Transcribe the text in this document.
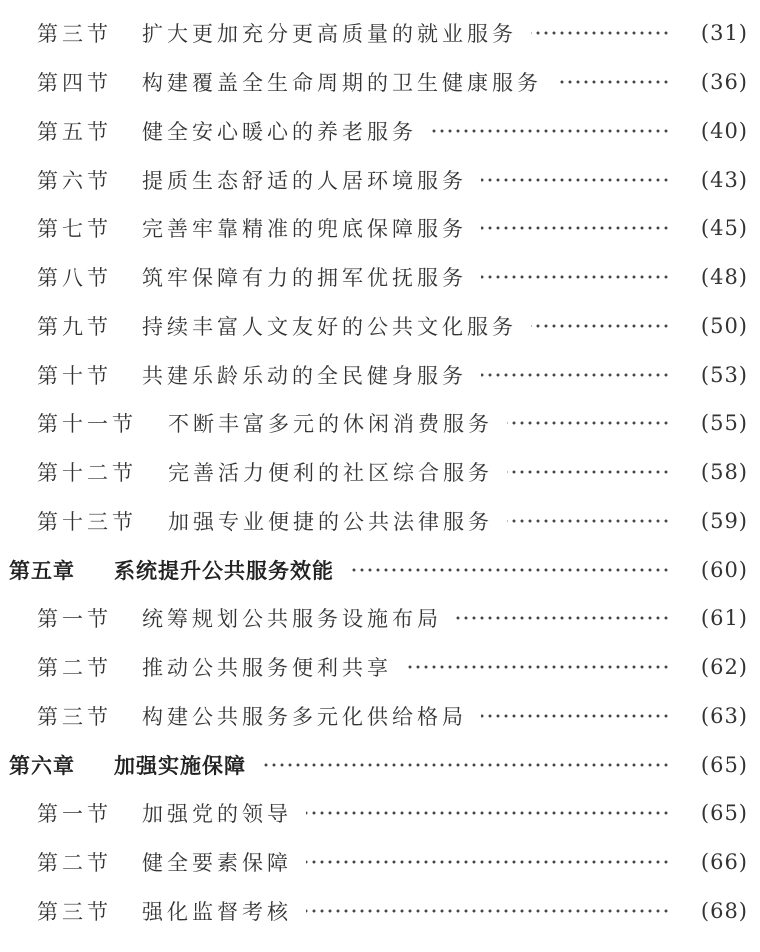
第三节	扩大更加充分更高质量的就业服务	(31)
第四节	构建覆盖全生命周期的卫生健康服务	(36)
第五节	健全安心暖心的养老服务	(40)
第六节	提质生态舒适的人居环境服务	(43)
第七节	完善牢靠精准的兜底保障服务	(45)
第八节	筑牢保障有力的拥军优抚服务	(48)
第九节	持续丰富人文友好的公共文化服务	(50)
第十节	共建乐龄乐动的全民健身服务	(53)
第十一节	不断丰富多元的休闲消费服务	(55)
第十二节	完善活力便利的社区综合服务	(58)
第十三节	加强专业便捷的公共法律服务	(59)
第五章	系统提升公共服务效能	(60)
第一节	统筹规划公共服务设施布局	(61)
第二节	推动公共服务便利共享	(62)
第三节	构建公共服务多元化供给格局	(63)
第六章	加强实施保障	(65)
第一节	加强党的领导	(65)
第二节	健全要素保障	(66)
第三节	强化监督考核	(68)
